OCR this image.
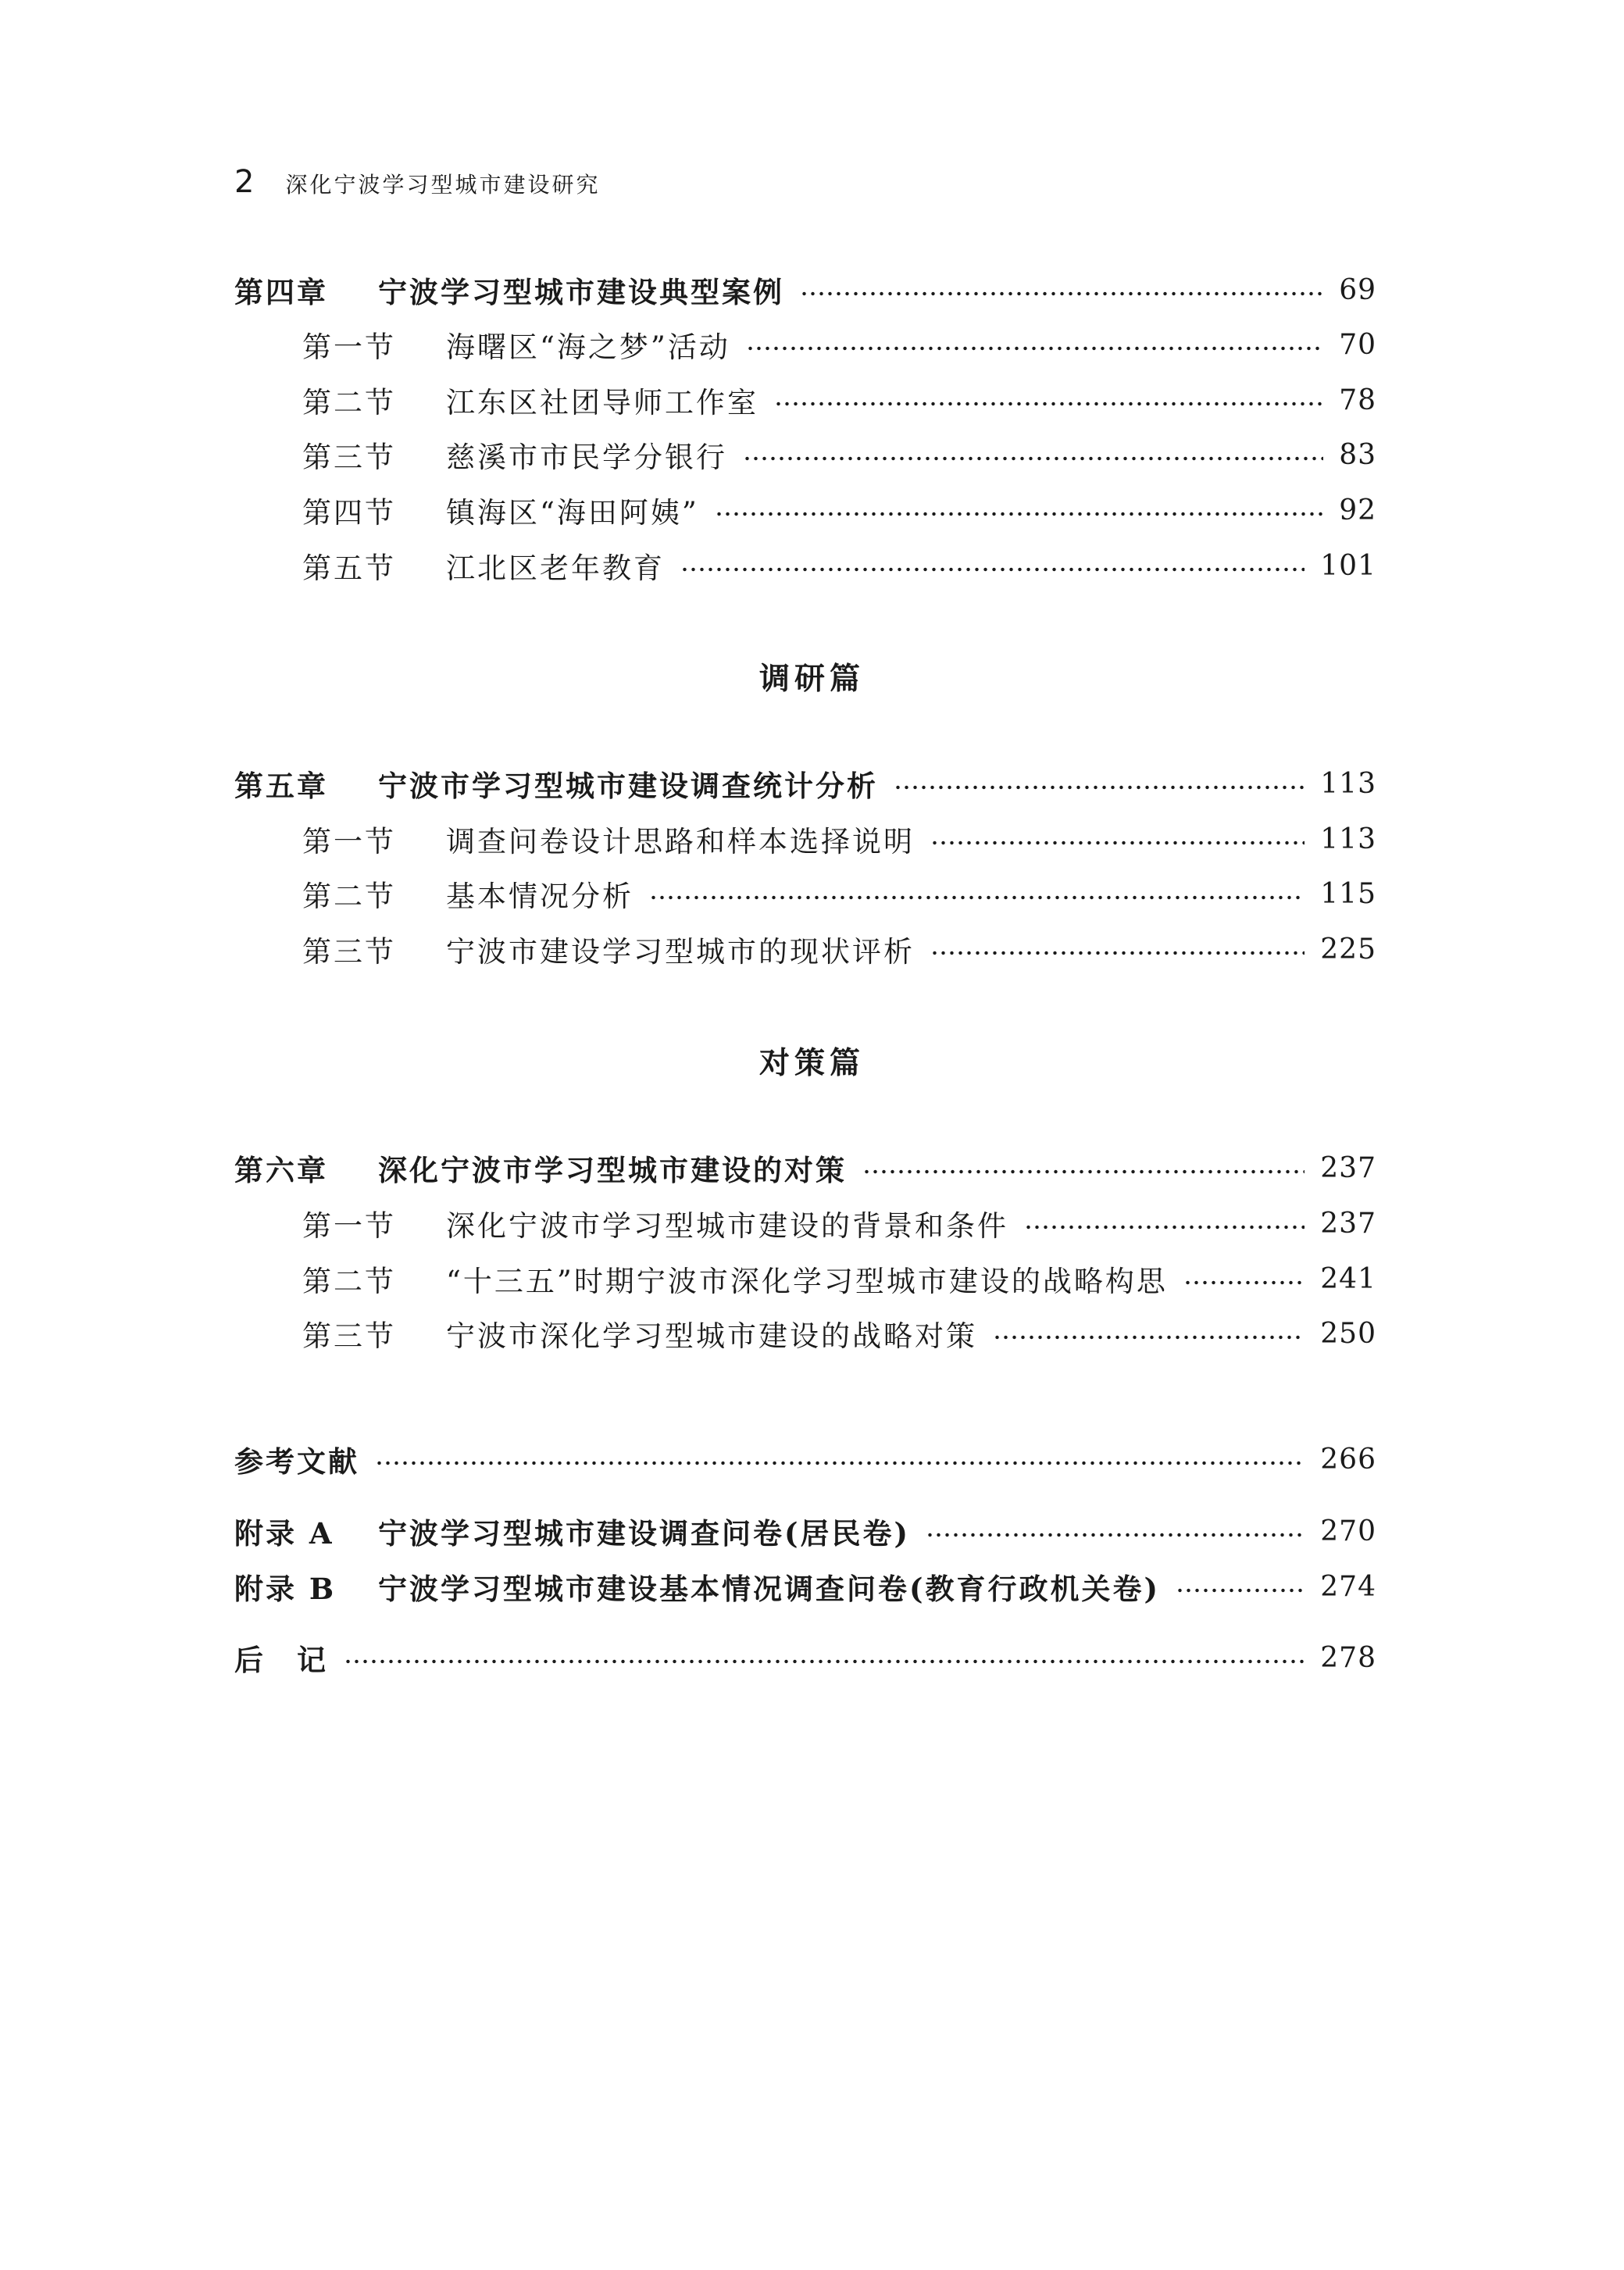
2 深化宁波学习型城市建设研究
第四章 宁波学习型城市建设典型案例	69
第一节 海曙区“海之梦”活动	70
第二节 江东区社团导师工作室	78
第三节 慈溪市市民学分银行	83
第四节 镇海区“海田阿姨”	92
第五节 江北区老年教育	101
调研篇
第五章 宁波市学习型城市建设调查统计分析	113
第一节 调查问卷设计思路和样本选择说明	113
第二节 基本情况分析	115
第三节 宁波市建设学习型城市的现状评析	225
对策篇
第六章 深化宁波市学习型城市建设的对策	237
第一节 深化宁波市学习型城市建设的背景和条件	237
第二节 “十三五”时期宁波市深化学习型城市建设的战略构思	241
第三节 宁波市深化学习型城市建设的战略对策	250
参考文献	266
附录 A 宁波学习型城市建设调查问卷(居民卷)	270
附录 B 宁波学习型城市建设基本情况调查问卷(教育行政机关卷)	274
后　记	278
